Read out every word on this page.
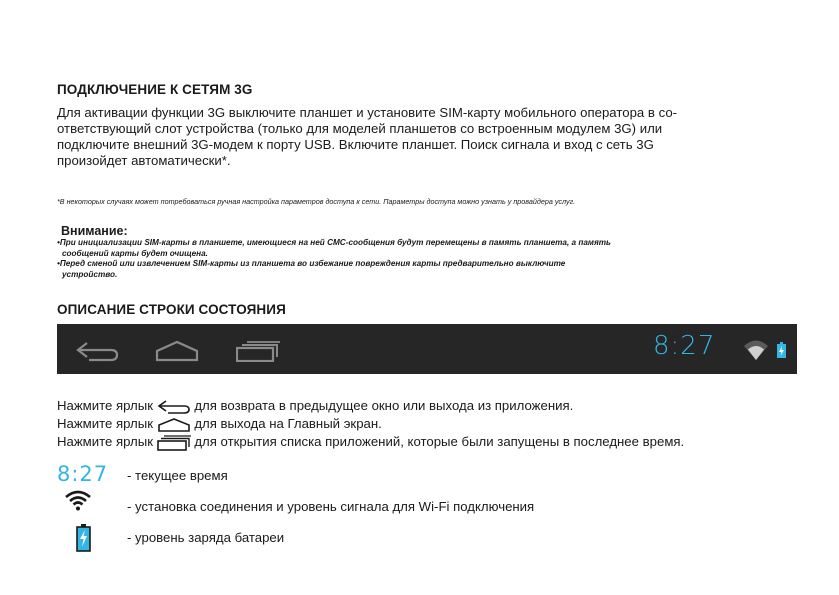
ПОДКЛЮЧЕНИЕ К СЕТЯМ 3G
Для активации функции 3G выключите планшет и установите SIM-карту мобильного оператора в со-
ответствующий слот устройства (только для моделей планшетов со встроенным модулем 3G) или
подключите внешний 3G-модем к порту USB. Включите планшет. Поиск сигнала и вход с сеть 3G
произойдет автоматически*.
*В некоторых случаях может потребоваться ручная настройка параметров доступа к сети. Параметры доступа можно узнать у провайдера услуг.
Внимание:
•При инициализации SIM-карты в планшете, имеющиеся на ней СМС-сообщения будут перемещены в память планшета, а память
сообщений карты будет очищена.
•Перед сменой или извлечением SIM-карты из планшета во избежание повреждения карты предварительно выключите
устройство.
ОПИСАНИЕ СТРОКИ СОСТОЯНИЯ
8:27
Нажмите ярлык	для возврата в предыдущее окно или выхода из приложения.
Нажмите ярлык	для выхода на Главный экран.
Нажмите ярлык	для открытия списка приложений, которые были запущены в последнее время.
8:27 - текущее время
- установка соединения и уровень сигнала для Wi-Fi подключения
- уровень заряда батареи
